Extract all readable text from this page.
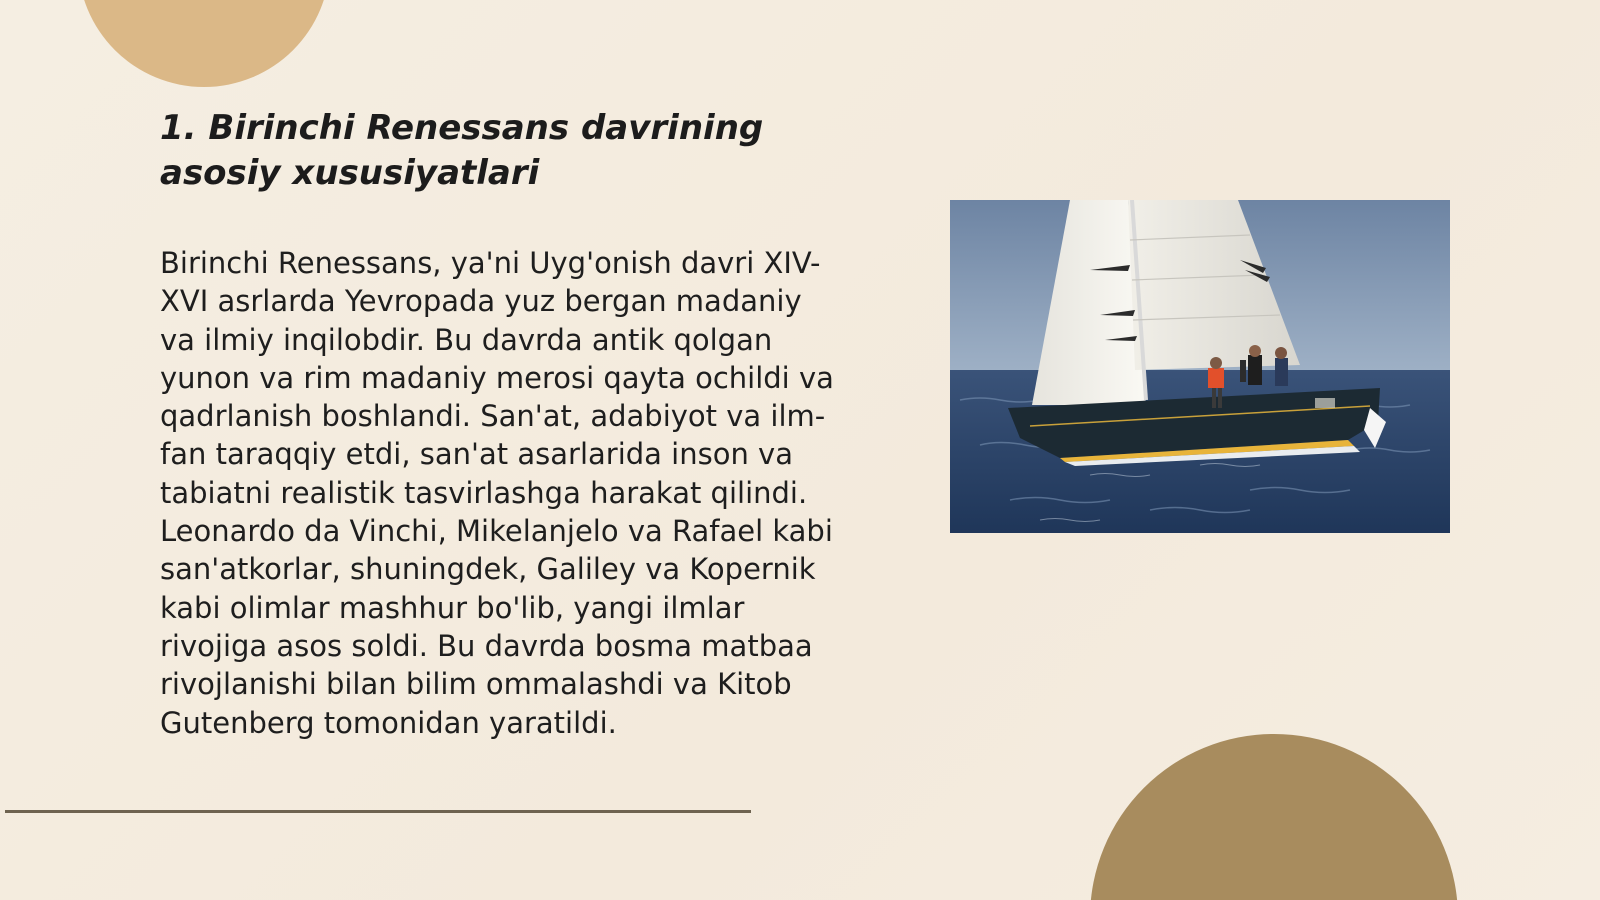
1. Birinchi Renessans davrining asosiy xususiyatlari

Birinchi Renessans, ya'ni Uyg'onish davri XIV-XVI asrlarda Yevropada yuz bergan madaniy va ilmiy inqilobdir. Bu davrda antik qolgan yunon va rim madaniy merosi qayta ochildi va qadrlanish boshlandi. San'at, adabiyot va ilm-fan taraqqiy etdi, san'at asarlarida inson va tabiatni realistik tasvirlashga harakat qilindi. Leonardo da Vinchi, Mikelanjelo va Rafael kabi san'atkorlar, shuningdek, Galiley va Kopernik kabi olimlar mashhur bo'lib, yangi ilmlar rivojiga asos soldi. Bu davrda bosma matbaa rivojlanishi bilan bilim ommalashdi va Kitob Gutenberg tomonidan yaratildi.
